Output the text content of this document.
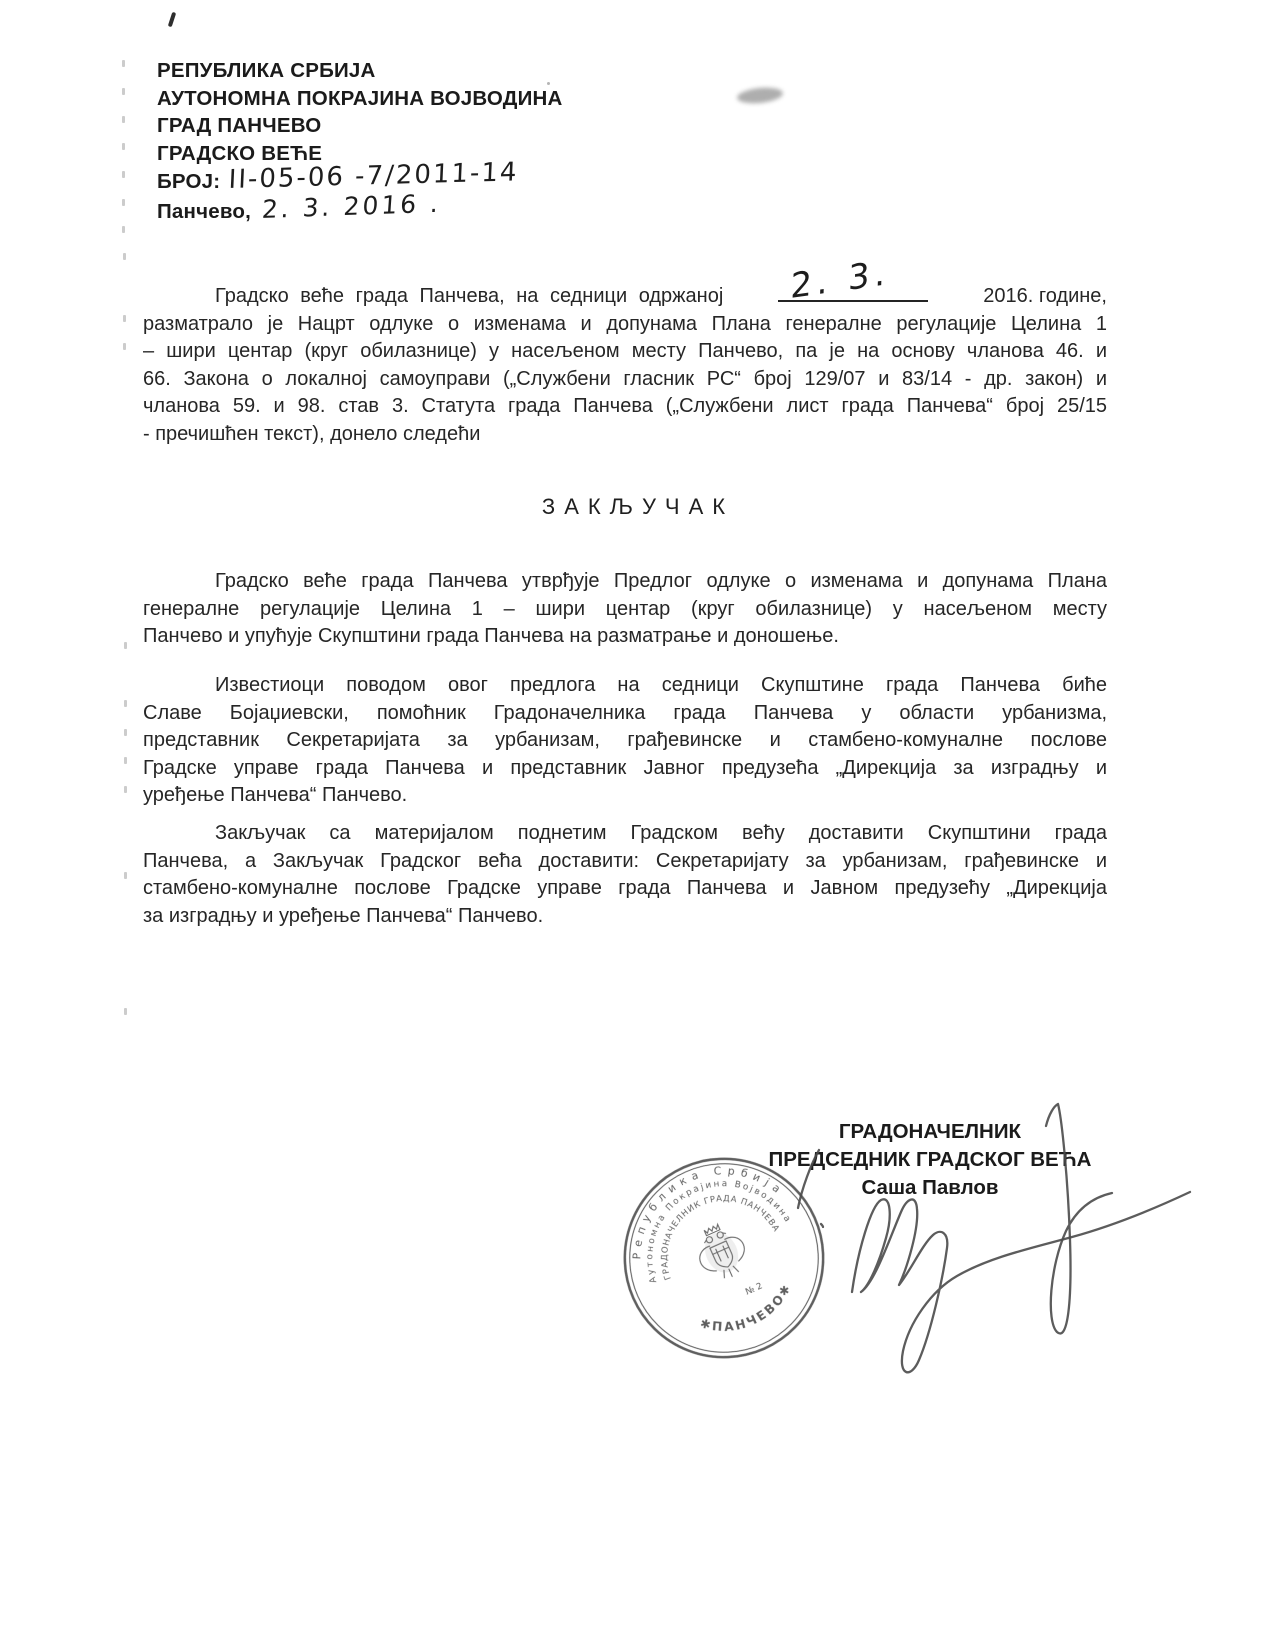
РЕПУБЛИКА СРБИЈА
АУТОНОМНА ПОКРАЈИНА ВОЈВОДИНА
ГРАД ПАНЧЕВО
ГРАДСКО ВЕЋЕ
БРОЈ: II-05-06 -7/2011-14
Панчево, 2. 3. 2016 .
Градско веће града Панчева, на седници одржаној 2. 3.	2016. године,
разматрало је Нацрт одлуке о изменама и допунама Плана генералне регулације Целина 1
– шири центар (круг обилазнице) у насељеном месту Панчево, па је на основу чланова 46. и
66. Закона о локалној самоуправи („Службени гласник РС“ број 129/07 и 83/14 - др. закон) и
чланова 59. и 98. став 3. Статута града Панчева („Службени лист града Панчева“ број 25/15
- пречишћен текст), донело следећи
ЗАКЉУЧАК
Градско веће града Панчева утврђује Предлог одлуке о изменама и допунама Плана
генералне регулације Целина 1 – шири центар (круг обилазнице) у насељеном месту
Панчево и упућује Скупштини града Панчева на разматрање и доношење.
Известиоци поводом овог предлога на седници Скупштине града Панчева биће
Славе Бојаџиевски, помоћник Градоначелника града Панчева у области урбанизма,
представник Секретаријата за урбанизам, грађевинске и стамбено-комуналне послове
Градске управе града Панчева и представник Јавног предузећа „Дирекција за изградњу и
уређење Панчева“ Панчево.
Закључак са материјалом поднетим Градском већу доставити Скупштини града
Панчева, а Закључак Градског већа доставити: Секретаријату за урбанизам, грађевинске и
стамбено-комуналне послове Градске управе града Панчева и Јавном предузећу „Дирекција
за изградњу и уређење Панчева“ Панчево.
ГРАДОНАЧЕЛНИК
ПРЕДСЕДНИК ГРАДСКОГ ВЕЋА
Саша Павлов
Република Србија
Аутономна Покрајина Војводина
ГРАДОНАЧЕЛНИК ГРАДА ПАНЧЕВА
✱ПАНЧЕВО✱
№ 2
